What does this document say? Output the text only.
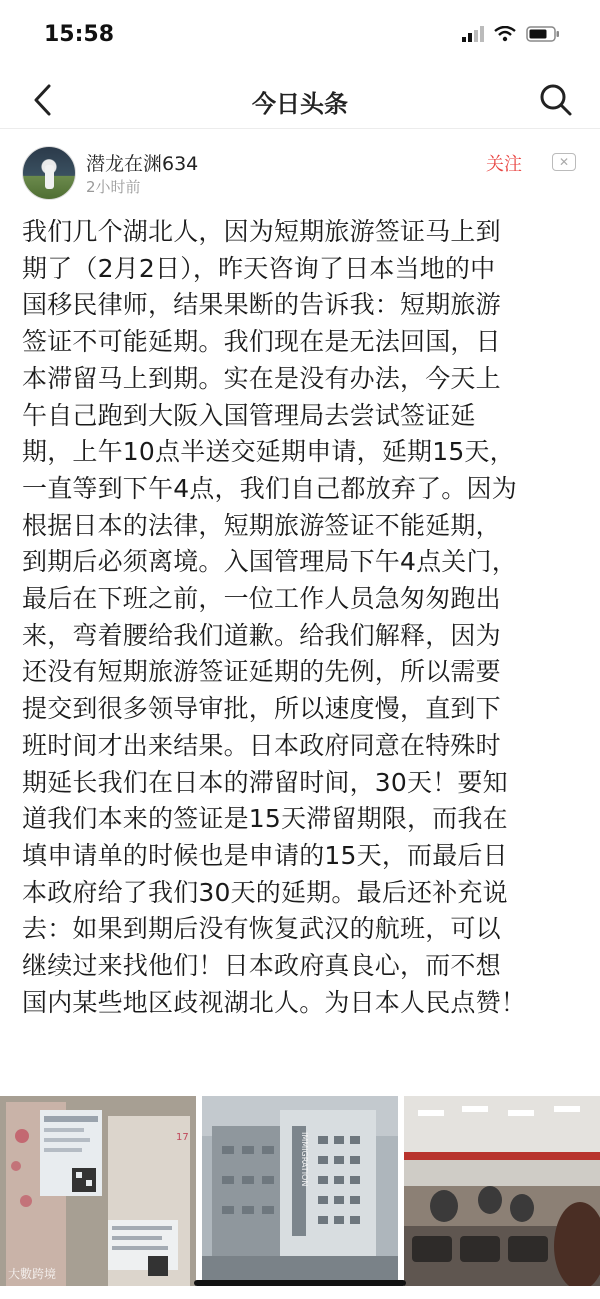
15:58
今日头条
潜龙在渊634
2小时前
关注	✕
我们几个湖北人，因为短期旅游签证马上到
期了（2月2日），昨天咨询了日本当地的中
国移民律师，结果果断的告诉我：短期旅游
签证不可能延期。我们现在是无法回国，日
本滞留马上到期。实在是没有办法，今天上
午自己跑到大阪入国管理局去尝试签证延
期，上午10点半送交延期申请，延期15天，
一直等到下午4点，我们自己都放弃了。因为
根据日本的法律，短期旅游签证不能延期，
到期后必须离境。入国管理局下午4点关门，
最后在下班之前，一位工作人员急匆匆跑出
来，弯着腰给我们道歉。给我们解释，因为
还没有短期旅游签证延期的先例，所以需要
提交到很多领导审批，所以速度慢，直到下
班时间才出来结果。日本政府同意在特殊时
期延长我们在日本的滞留时间，30天！要知
道我们本来的签证是15天滞留期限，而我在
填申请单的时候也是申请的15天，而最后日
本政府给了我们30天的延期。最后还补充说
去：如果到期后没有恢复武汉的航班，可以
继续过来找他们！日本政府真良心，而不想
国内某些地区歧视湖北人。为日本人民点赞！
17
大數跨境
IMMIGRATION
